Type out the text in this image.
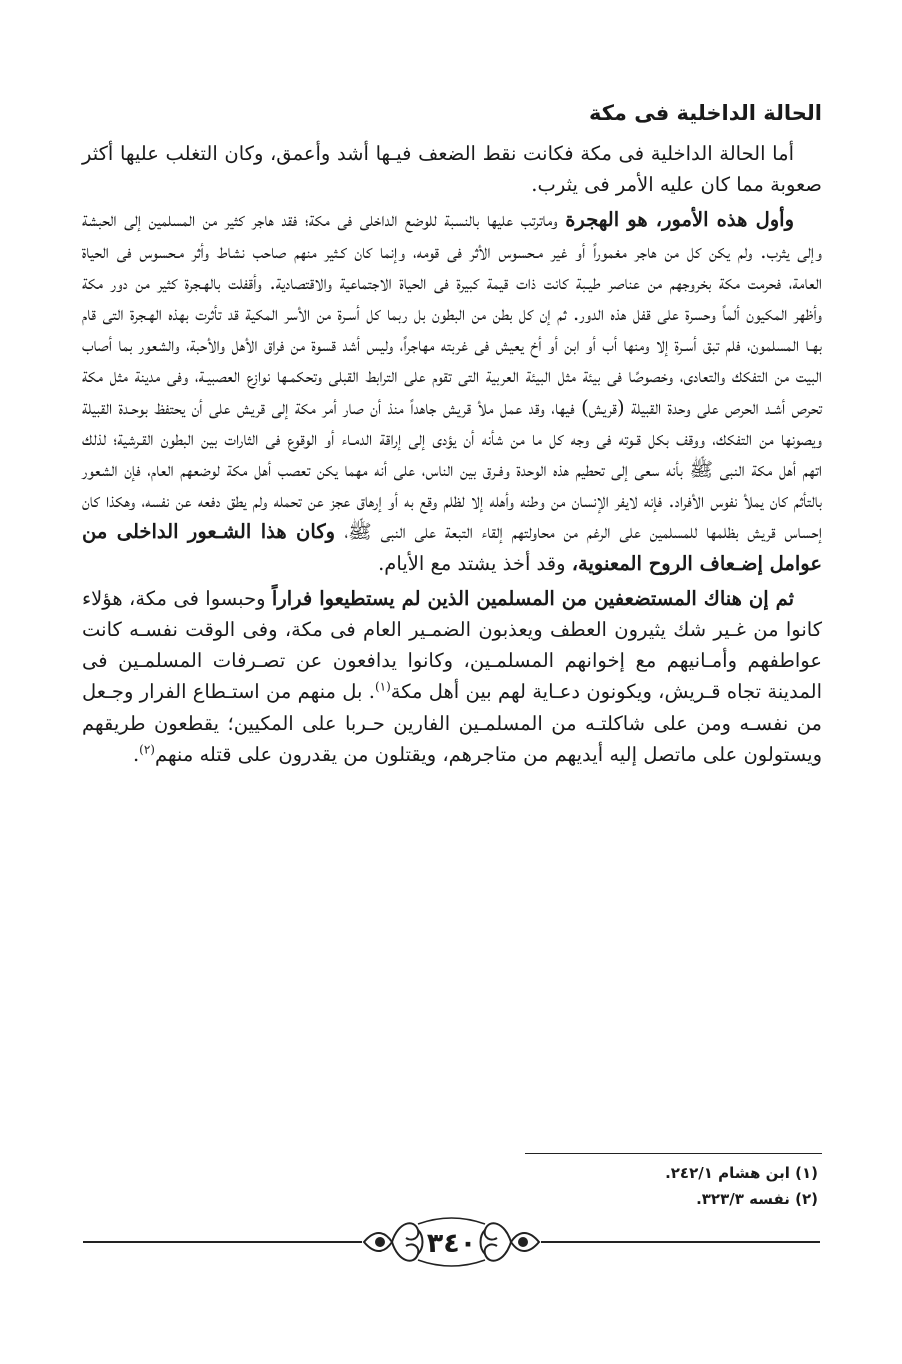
الحالة الداخلية فى مكة

أما الحالة الداخلية فى مكة فكانت نقط الضعف فيـها أشد وأعمق، وكان التغلب عليها أكثر صعوبة مما كان عليه الأمر فى يثرب.

وأول هذه الأمور، هو الهجرة وماترتب عليها بالنسبة للوضع الداخلى فى مكة؛ فقد هاجر كثير من المسلمين إلى الحبشة وإلى يثرب. ولم يكن كل من هاجر مغموراً أو غير مـحسوس الأثر فى قومه، وإنما كان كـثير منهم صاحب نشاط وأثر مـحسوس فى الحياة العامة، فحرمت مكة بخروجهم من عناصر طيـبة كانت ذات قيمة كبيرة فى الحياة الاجتماعية والاقتصادية. وأقفلت بالهـجرة كثير من دور مكة وأظهر المكيون ألماً وحسرة على قفل هذه الدور. ثم إن كل بطن من البطون بل ربما كل أسـرة من الأسر المكية قد تأثرت بهذه الهـجرة التى قام بهـا المسلمون، فلم تبق أسـرة إلا ومنها أب أو ابن أو أخ يعيش فى غربته مهاجراً، وليس أشد قسوة من فراق الأهل والأحبة، والشعور بما أصاب البيت من التفكك والتعادى، وخصوصًا فى بيئة مثل البيئة العربية التى تقوم على الترابط القبلى وتحكمـها نوازع العصبيـة، وفى مدينة مثل مكة تحرص أشـد الحرص على وحدة القبيلة (قريش) فيها، وقد عمل ملأ قريش جاهداً منذ أن صار أمر مكة إلى قريش على أن يحتفظ بوحـدة القبيلة ويصونها من التفكك، ووقف بكل قـوته فى وجه كل ما من شأنه أن يؤدى إلى إراقة الدمـاء أو الوقوع فى الثارات بين البطون القـرشية؛ لذلك اتهم أهل مكة النبى ﷺ بأنه سعى إلى تحطيم هذه الوحدة وفـرق بين الناس، على أنه مهما يكن تعصب أهل مكة لوضعهم العام، فإن الشعور بالتأثم كان يملأ نفوس الأفراد. فإنه لايفر الإنسان من وطنه وأهله إلا لظلم وقع به أو إرهاق عجز عن تحمله ولم يطق دفعه عن نفسه، وهكذا كان إحساس قريش بظلمها للمسلمين على الرغم من محاولتهم إلقاء التبعة على النبى ﷺ، وكان هذا الشـعور الداخلى من عوامل إضـعاف الروح المعنوية، وقد أخذ يشتد مع الأيام.

ثم إن هناك المستضعفين من المسلمين الذين لم يستطيعوا فراراً وحبسوا فى مكة، هؤلاء كانوا من غـير شك يثيرون العطف ويعذبون الضمـير العام فى مكة، وفى الوقت نفسـه كانت عواطفهم وأمـانيهم مع إخوانهم المسلمـين، وكانوا يدافعون عن تصـرفات المسلمـين فى المدينة تجاه قـريش، ويكونون دعـاية لهم بين أهل مكة$^{(١)}$. بل منهم من استـطاع الفرار وجـعل من نفسـه ومن على شاكلتـه من المسلمـين الفارين حـربا على المكيين؛ يقطعون طريقهم ويستولون على ماتصل إليه أيديهم من متاجرهم، ويقتلون من يقدرون على قتله منهم$^{(٢)}$.

(١) ابن هشام ٢٤٢/١.

(٢) نفسه ٣٢٣/٣.

٣٤٠
